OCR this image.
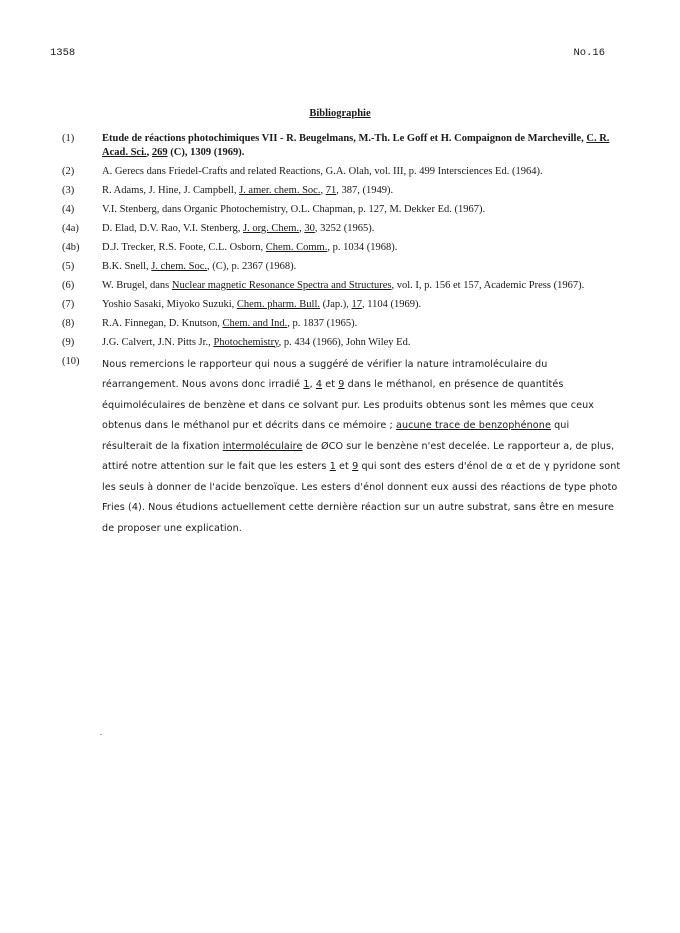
1358	No.16
Bibliographie
(1)	Etude de réactions photochimiques VII - R. Beugelmans, M.-Th. Le Goff et H. Compaignon de Marcheville, C. R. Acad. Sci., 269 (C), 1309 (1969).
(2)	A. Gerecs dans Friedel-Crafts and related Reactions, G.A. Olah, vol. III, p. 499 Intersciences Ed. (1964).
(3)	R. Adams, J. Hine, J. Campbell, J. amer. chem. Soc., 71, 387, (1949).
(4)	V.I. Stenberg, dans Organic Photochemistry, O.L. Chapman, p. 127, M. Dekker Ed. (1967).
(4a)	D. Elad, D.V. Rao, V.I. Stenberg, J. org. Chem., 30, 3252 (1965).
(4b)	D.J. Trecker, R.S. Foote, C.L. Osborn, Chem. Comm., p. 1034 (1968).
(5)	B.K. Snell, J. chem. Soc., (C), p. 2367 (1968).
(6)	W. Brugel, dans Nuclear magnetic Resonance Spectra and Structures, vol. I, p. 156 et 157, Academic Press (1967).
(7)	Yoshio Sasaki, Miyoko Suzuki, Chem. pharm. Bull. (Jap.), 17, 1104 (1969).
(8)	R.A. Finnegan, D. Knutson, Chem. and Ind., p. 1837 (1965).
(9)	J.G. Calvert, J.N. Pitts Jr., Photochemistry, p. 434 (1966), John Wiley Ed.
(10)	Nous remercions le rapporteur qui nous a suggéré de vérifier la nature intramoléculaire du réarrangement. Nous avons donc irradié 1, 4 et 9 dans le méthanol, en présence de quantités équimoléculaires de benzène et dans ce solvant pur. Les produits obtenus sont les mêmes que ceux obtenus dans le méthanol pur et décrits dans ce mémoire ; aucune trace de benzophénone qui résulterait de la fixation intermoléculaire de ØCO sur le benzène n'est decelée. Le rapporteur a, de plus, attiré notre attention sur le fait que les esters 1 et 9 qui sont des esters d'énol de α et de γ pyridone sont les seuls à donner de l'acide benzoïque. Les esters d'énol donnent eux aussi des réactions de type photo Fries (4). Nous étudions actuellement cette dernière réaction sur un autre substrat, sans être en mesure de proposer une explication.
